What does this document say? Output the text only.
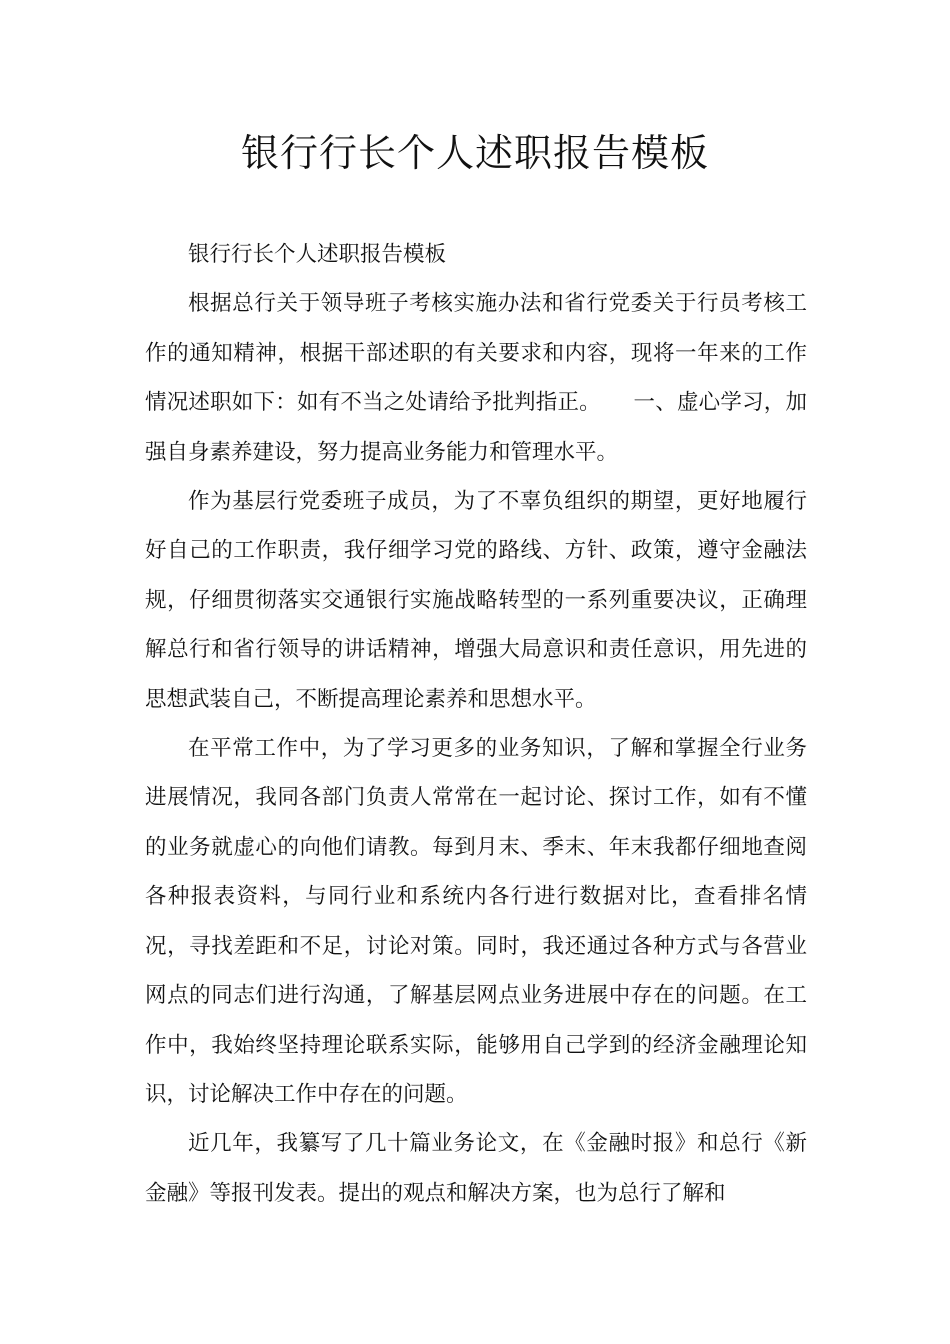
银行行长个人述职报告模板

银行行长个人述职报告模板

根据总行关于领导班子考核实施办法和省行党委关于行员考核工作的通知精神，根据干部述职的有关要求和内容，现将一年来的工作情况述职如下：如有不当之处请给予批判指正。　　一、虚心学习，加强自身素养建设，努力提高业务能力和管理水平。

作为基层行党委班子成员，为了不辜负组织的期望，更好地履行好自己的工作职责，我仔细学习党的路线、方针、政策，遵守金融法规，仔细贯彻落实交通银行实施战略转型的一系列重要决议，正确理解总行和省行领导的讲话精神，增强大局意识和责任意识，用先进的思想武装自己，不断提高理论素养和思想水平。

在平常工作中，为了学习更多的业务知识，了解和掌握全行业务进展情况，我同各部门负责人常常在一起讨论、探讨工作，如有不懂的业务就虚心的向他们请教。每到月末、季末、年末我都仔细地查阅各种报表资料，与同行业和系统内各行进行数据对比，查看排名情况，寻找差距和不足，讨论对策。同时，我还通过各种方式与各营业网点的同志们进行沟通，了解基层网点业务进展中存在的问题。在工作中，我始终坚持理论联系实际，能够用自己学到的经济金融理论知识，讨论解决工作中存在的问题。

近几年，我纂写了几十篇业务论文，在《金融时报》和总行《新金融》等报刊发表。提出的观点和解决方案，也为总行了解和
